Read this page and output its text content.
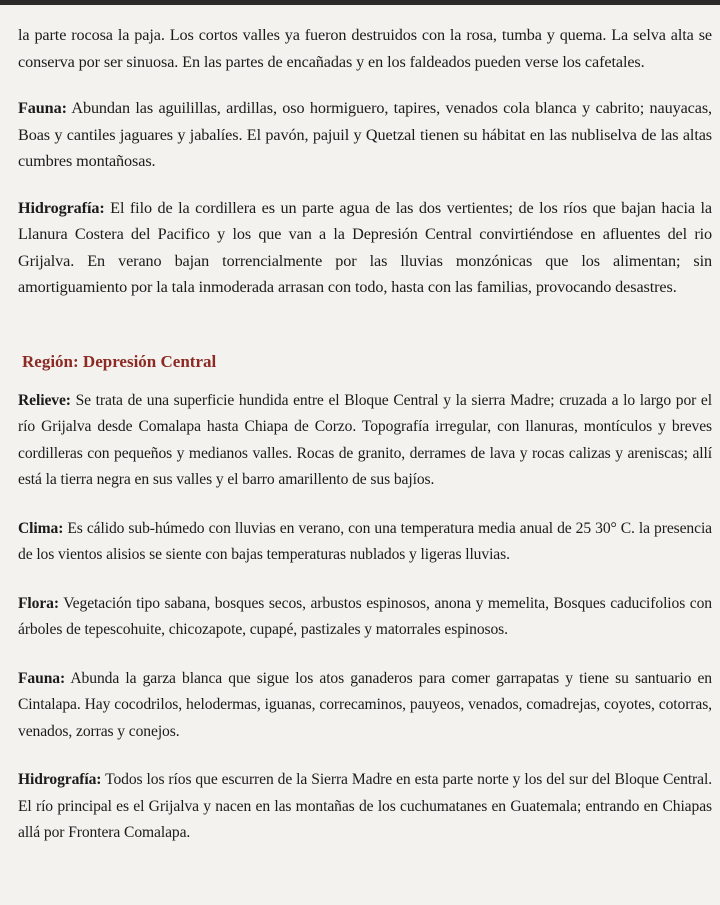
la parte rocosa la paja. Los cortos valles ya fueron destruidos con la rosa, tumba y quema. La selva alta se conserva por ser sinuosa. En las partes de encañadas y en los faldeados pueden verse los cafetales.

Fauna: Abundan las aguilillas, ardillas, oso hormiguero, tapires, venados cola blanca y cabrito; nauyacas, Boas y cantiles jaguares y jabalíes. El pavón, pajuil y Quetzal tienen su hábitat en las nubliselva de las altas cumbres montañosas.

Hidrografía: El filo de la cordillera es un parte agua de las dos vertientes; de los ríos que bajan hacia la Llanura Costera del Pacifico y los que van a la Depresión Central convirtiéndose en afluentes del rio Grijalva. En verano bajan torrencialmente por las lluvias monzónicas que los alimentan; sin amortiguamiento por la tala inmoderada arrasan con todo, hasta con las familias, provocando desastres.

Región: Depresión Central

Relieve: Se trata de una superficie hundida entre el Bloque Central y la sierra Madre; cruzada a lo largo por el río Grijalva desde Comalapa hasta Chiapa de Corzo. Topografía irregular, con llanuras, montículos y breves cordilleras con pequeños y medianos valles. Rocas de granito, derrames de lava y rocas calizas y areniscas; allí está la tierra negra en sus valles y el barro amarillento de sus bajíos.

Clima: Es cálido sub-húmedo con lluvias en verano, con una temperatura media anual de 25 30° C. la presencia de los vientos alisios se siente con bajas temperaturas nublados y ligeras lluvias.

Flora: Vegetación tipo sabana, bosques secos, arbustos espinosos, anona y memelita, Bosques caducifolios con árboles de tepescohuite, chicozapote, cupapé, pastizales y matorrales espinosos.

Fauna: Abunda la garza blanca que sigue los atos ganaderos para comer garrapatas y tiene su santuario en Cintalapa. Hay cocodrilos, helodermas, iguanas, correcaminos, pauyeos, venados, comadrejas, coyotes, cotorras, venados, zorras y conejos.

Hidrografía: Todos los ríos que escurren de la Sierra Madre en esta parte norte y los del sur del Bloque Central. El río principal es el Grijalva y nacen en las montañas de los cuchumatanes en Guatemala; entrando en Chiapas allá por Frontera Comalapa.
